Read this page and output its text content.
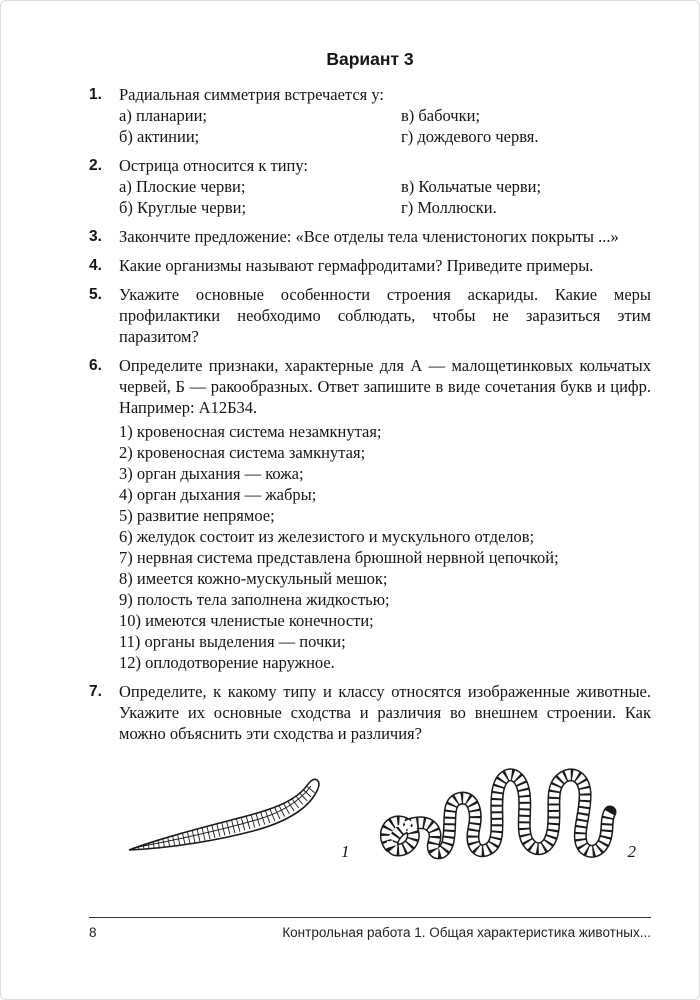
Вариант 3
1.	Радиальная симметрия встречается у:

а) планарии;	в) бабочки;
б) актинии;	г) дождевого червя.
2.	Острица относится к типу:

а) Плоские черви;	в) Кольчатые черви;
б) Круглые черви;	г) Моллюски.
3.	Закончите предложение: «Все отделы тела членистоногих покрыты ...»

4.	Какие организмы называют гермафродитами? Приведите примеры.

5.	Укажите основные особенности строения аскариды. Какие меры профилактики необходимо соблюдать, чтобы не заразиться этим паразитом?

6.	Определите признаки, характерные для А — малощетинковых кольчатых червей, Б — ракообразных. Ответ запишите в виде сочетания букв и цифр. Например: А12Б34.

1) кровеносная система незамкнутая;
2) кровеносная система замкнутая;
3) орган дыхания — кожа;
4) орган дыхания — жабры;
5) развитие непрямое;
6) желудок состоит из железистого и мускульного отделов;
7) нервная система представлена брюшной нервной цепочкой;
8) имеется кожно-мускульный мешок;
9) полость тела заполнена жидкостью;
10) имеются членистые конечности;
11) органы выделения — почки;
12) оплодотворение наружное.
7.	Определите, к какому типу и классу относятся изображенные животные. Укажите их основные сходства и различия во внешнем строении. Как можно объяснить эти сходства и различия?

1	2
8	Контрольная работа 1. Общая характеристика животных...
